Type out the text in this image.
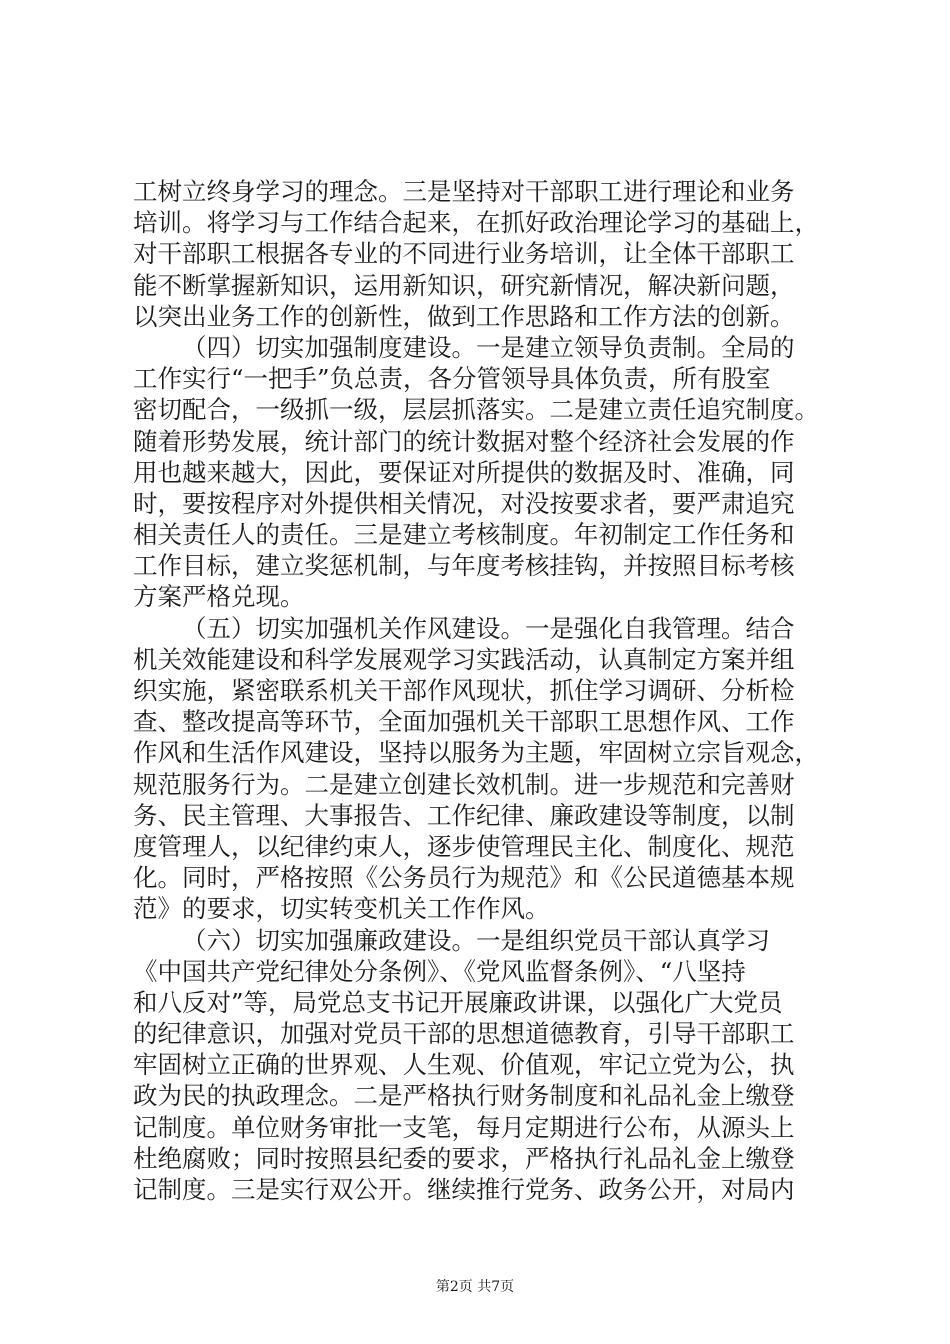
工树立终身学习的理念。三是坚持对干部职工进行理论和业务
培训。将学习与工作结合起来，在抓好政治理论学习的基础上，
对干部职工根据各专业的不同进行业务培训，让全体干部职工
能不断掌握新知识，运用新知识，研究新情况，解决新问题，
以突出业务工作的创新性，做到工作思路和工作方法的创新。
（四）切实加强制度建设。一是建立领导负责制。全局的
工作实行“一把手”负总责，各分管领导具体负责，所有股室
密切配合，一级抓一级，层层抓落实。二是建立责任追究制度。
随着形势发展，统计部门的统计数据对整个经济社会发展的作
用也越来越大，因此，要保证对所提供的数据及时、准确，同
时，要按程序对外提供相关情况，对没按要求者，要严肃追究
相关责任人的责任。三是建立考核制度。年初制定工作任务和
工作目标，建立奖惩机制，与年度考核挂钩，并按照目标考核
方案严格兑现。
（五）切实加强机关作风建设。一是强化自我管理。结合
机关效能建设和科学发展观学习实践活动，认真制定方案并组
织实施，紧密联系机关干部作风现状，抓住学习调研、分析检
查、整改提高等环节，全面加强机关干部职工思想作风、工作
作风和生活作风建设，坚持以服务为主题，牢固树立宗旨观念，
规范服务行为。二是建立创建长效机制。进一步规范和完善财
务、民主管理、大事报告、工作纪律、廉政建设等制度，以制
度管理人，以纪律约束人，逐步使管理民主化、制度化、规范
化。同时，严格按照《公务员行为规范》和《公民道德基本规
范》的要求，切实转变机关工作作风。
（六）切实加强廉政建设。一是组织党员干部认真学习
《中国共产党纪律处分条例》、《党风监督条例》、“八坚持
和八反对”等，局党总支书记开展廉政讲课，以强化广大党员
的纪律意识，加强对党员干部的思想道德教育，引导干部职工
牢固树立正确的世界观、人生观、价值观，牢记立党为公，执
政为民的执政理念。二是严格执行财务制度和礼品礼金上缴登
记制度。单位财务审批一支笔，每月定期进行公布，从源头上
杜绝腐败；同时按照县纪委的要求，严格执行礼品礼金上缴登
记制度。三是实行双公开。继续推行党务、政务公开，对局内
第2页 共7页
